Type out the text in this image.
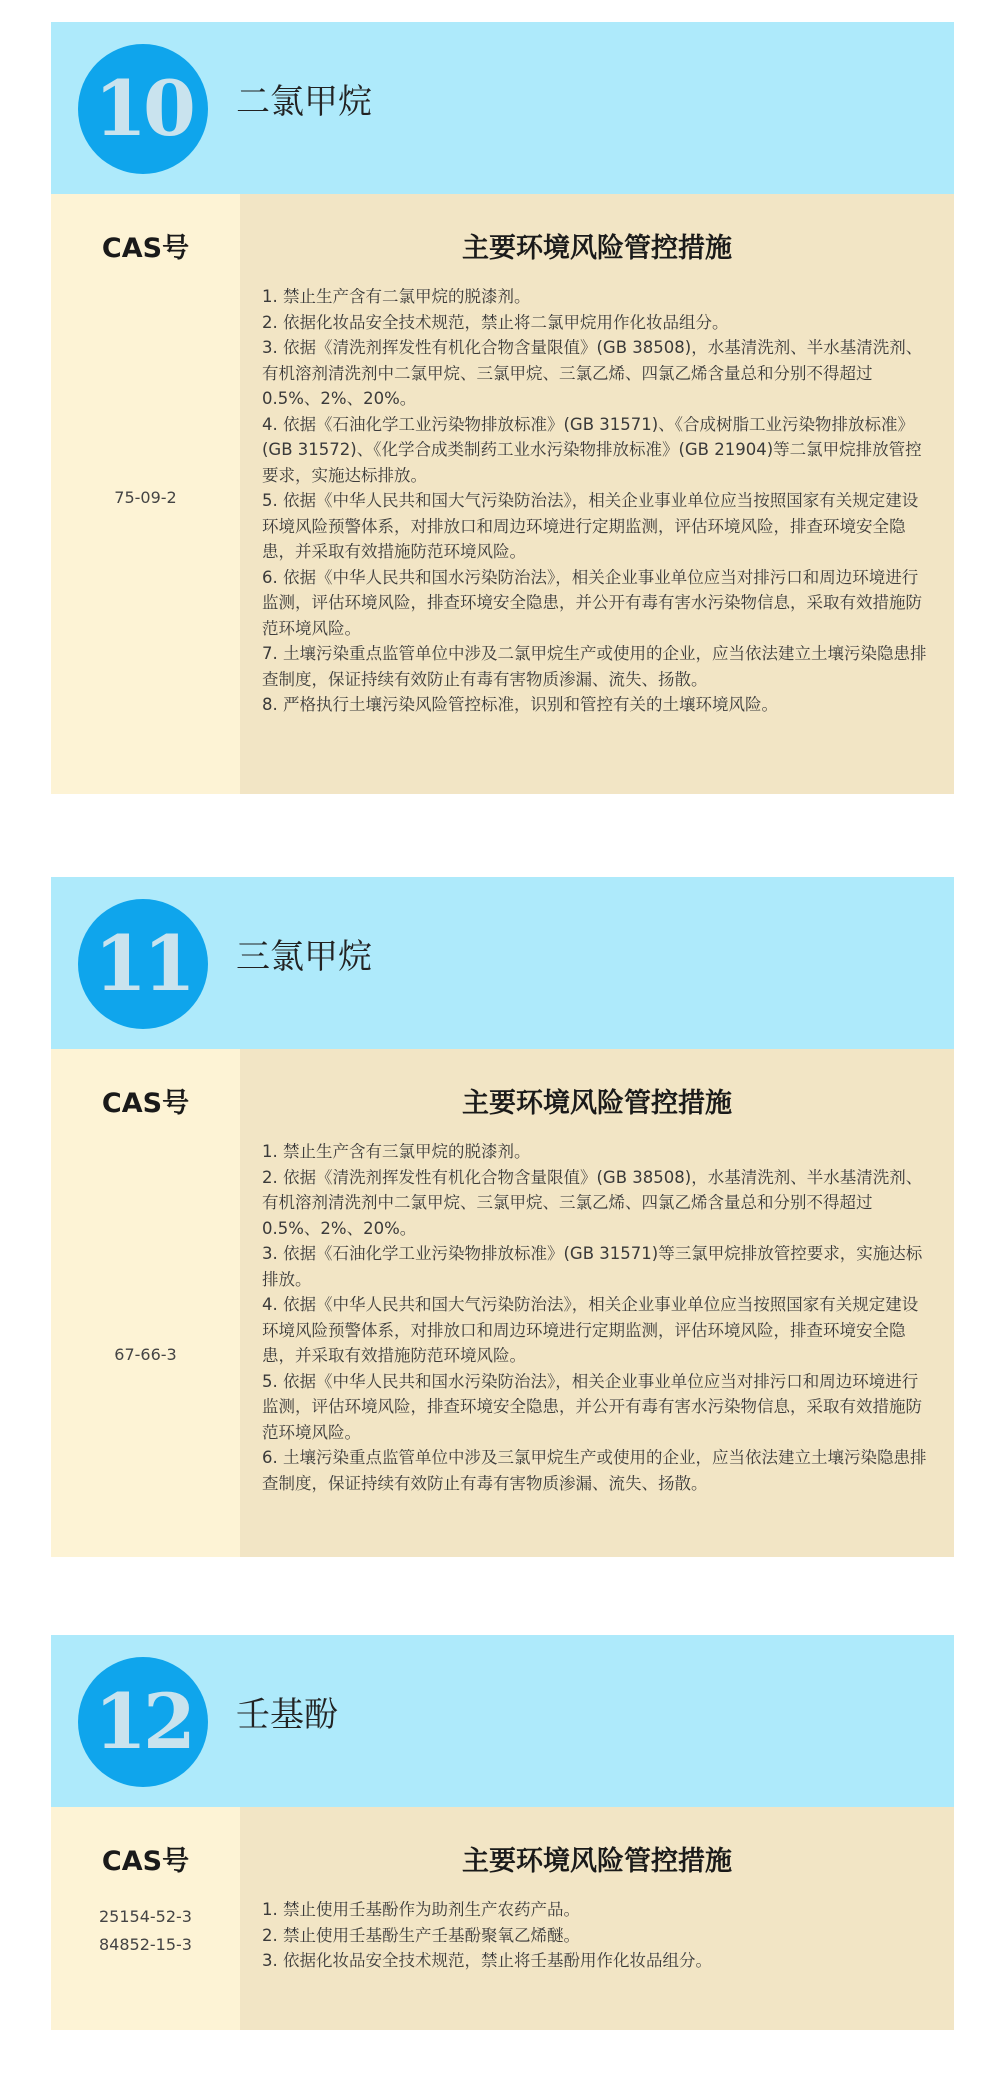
10 二氯甲烷
CAS号	主要环境风险管控措施
75-09-2
1. 禁止生产含有二氯甲烷的脱漆剂。
2. 依据化妆品安全技术规范，禁止将二氯甲烷用作化妆品组分。
3. 依据《清洗剂挥发性有机化合物含量限值》(GB 38508)，水基清洗剂、半水基清洗剂、有机溶剂清洗剂中二氯甲烷、三氯甲烷、三氯乙烯、四氯乙烯含量总和分别不得超过 0.5%、2%、20%。
4. 依据《石油化学工业污染物排放标准》(GB 31571)、《合成树脂工业污染物排放标准》(GB 31572)、《化学合成类制药工业水污染物排放标准》(GB 21904)等二氯甲烷排放管控要求，实施达标排放。
5. 依据《中华人民共和国大气污染防治法》，相关企业事业单位应当按照国家有关规定建设环境风险预警体系，对排放口和周边环境进行定期监测，评估环境风险，排查环境安全隐患，并采取有效措施防范环境风险。
6. 依据《中华人民共和国水污染防治法》，相关企业事业单位应当对排污口和周边环境进行监测，评估环境风险，排查环境安全隐患，并公开有毒有害水污染物信息，采取有效措施防范环境风险。
7. 土壤污染重点监管单位中涉及二氯甲烷生产或使用的企业，应当依法建立土壤污染隐患排查制度，保证持续有效防止有毒有害物质渗漏、流失、扬散。
8. 严格执行土壤污染风险管控标准，识别和管控有关的土壤环境风险。
11 三氯甲烷
CAS号	主要环境风险管控措施
67-66-3
1. 禁止生产含有三氯甲烷的脱漆剂。
2. 依据《清洗剂挥发性有机化合物含量限值》(GB 38508)，水基清洗剂、半水基清洗剂、有机溶剂清洗剂中二氯甲烷、三氯甲烷、三氯乙烯、四氯乙烯含量总和分别不得超过 0.5%、2%、20%。
3. 依据《石油化学工业污染物排放标准》(GB 31571)等三氯甲烷排放管控要求，实施达标排放。
4. 依据《中华人民共和国大气污染防治法》，相关企业事业单位应当按照国家有关规定建设环境风险预警体系，对排放口和周边环境进行定期监测，评估环境风险，排查环境安全隐患，并采取有效措施防范环境风险。
5. 依据《中华人民共和国水污染防治法》，相关企业事业单位应当对排污口和周边环境进行监测，评估环境风险，排查环境安全隐患，并公开有毒有害水污染物信息，采取有效措施防范环境风险。
6. 土壤污染重点监管单位中涉及三氯甲烷生产或使用的企业，应当依法建立土壤污染隐患排查制度，保证持续有效防止有毒有害物质渗漏、流失、扬散。
12 壬基酚
CAS号	主要环境风险管控措施
25154-52-3
84852-15-3
1. 禁止使用壬基酚作为助剂生产农药产品。
2. 禁止使用壬基酚生产壬基酚聚氧乙烯醚。
3. 依据化妆品安全技术规范，禁止将壬基酚用作化妆品组分。
